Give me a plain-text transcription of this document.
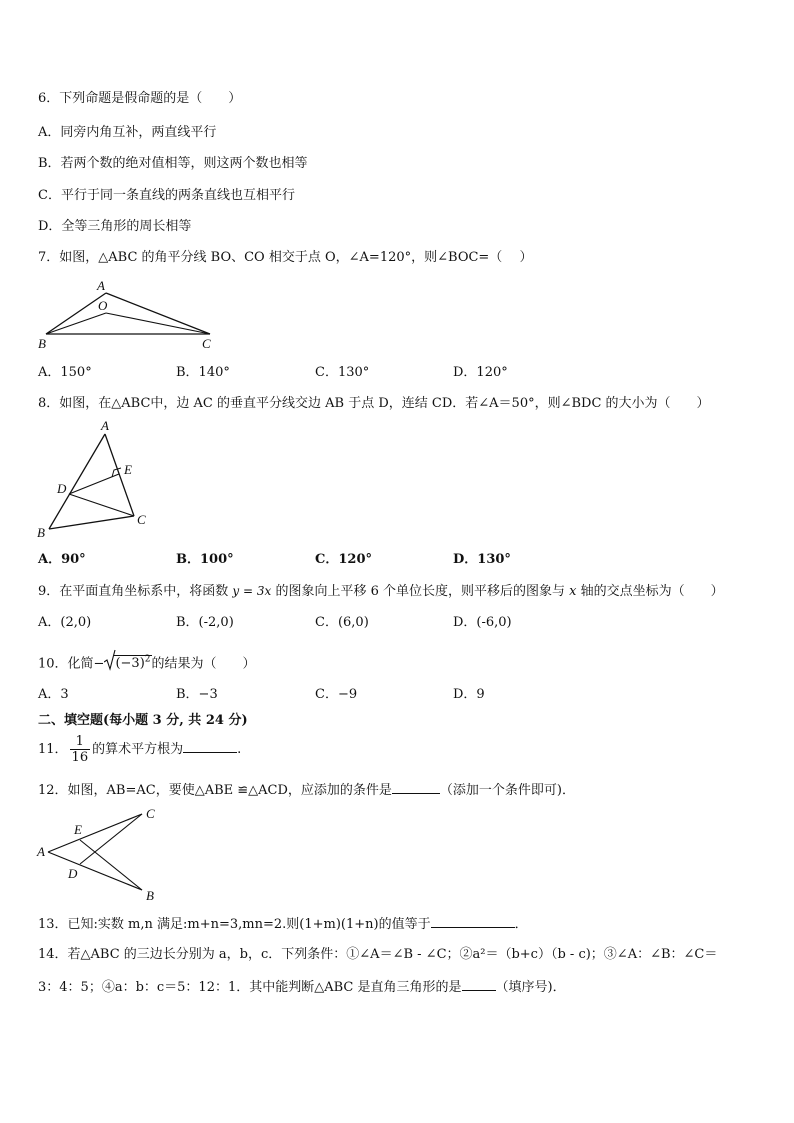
6．下列命题是假命题的是（　　）
A．同旁内角互补，两直线平行
B．若两个数的绝对值相等，则这两个数也相等
C．平行于同一条直线的两条直线也互相平行
D．全等三角形的周长相等
7．如图，△ABC 的角平分线 BO、CO 相交于点 O，∠A=120°，则∠BOC=（　 ）
A
O
B	C
A．150°	B．140°	C．130°	D．120°
8．如图，在△ABC中，边 AC 的垂直平分线交边 AB 于点 D，连结 CD．若∠A＝50°，则∠BDC 的大小为（　　）
A
E
D
B
C
A．90°	B．100°	C．120°	D．130°
9．在平面直角坐标系中，将函数 y = 3x 的图象向上平移 6 个单位长度，则平移后的图象与 x 轴的交点坐标为（　　）
A．(2,0)	B．(-2,0)	C．(6,0)	D．(-6,0)
10．化简− $(-3)^2$的结果为（　　）
A．3	B．−3	C．−9	D．9
二、填空题(每小题 3 分, 共 24 分)
11． $\frac{1}{16}$ 的算术平方根为	.
12．如图，AB=AC，要使△ABE ≌△ACD，应添加的条件是	（添加一个条件即可)．
C
E
A
D
B
13．已知:实数 m,n 满足:m+n=3,mn=2.则(1+m)(1+n)的值等于	．
14．若△ABC 的三边长分别为 a，b，c．下列条件：①∠A＝∠B - ∠C；②a²＝（b+c）（b - c)；③∠A：∠B：∠C＝
3：4：5；④a：b：c＝5：12：1．其中能判断△ABC 是直角三角形的是	（填序号)．
